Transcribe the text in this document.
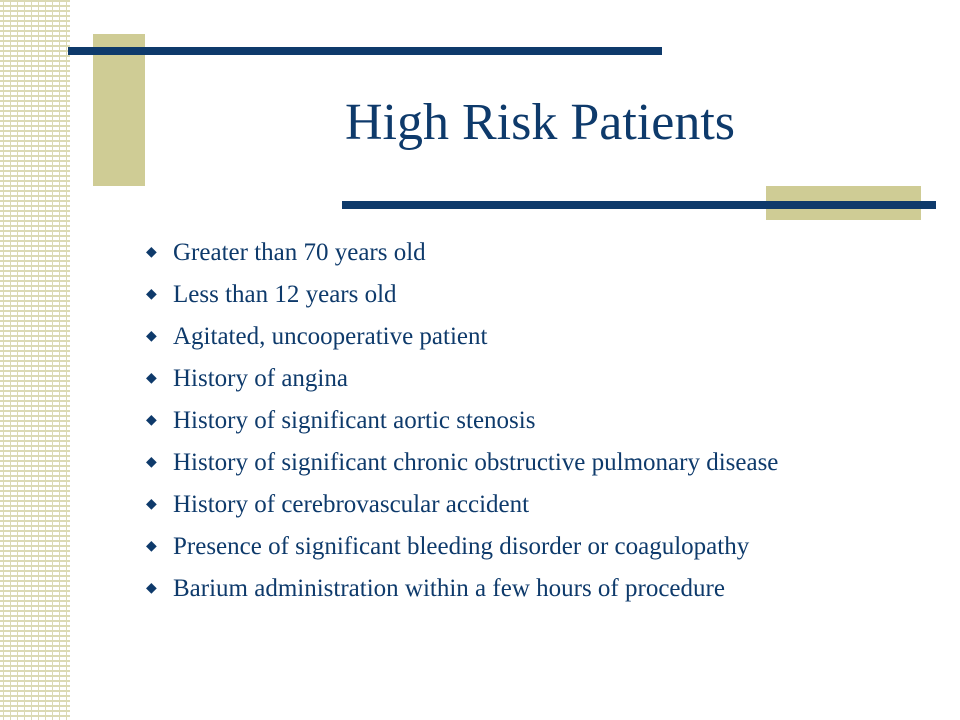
High Risk Patients
◆ Greater than 70 years old
◆ Less than 12 years old
◆ Agitated, uncooperative patient
◆ History of angina
◆ History of significant aortic stenosis
◆ History of significant chronic obstructive pulmonary disease
◆ History of cerebrovascular accident
◆ Presence of significant bleeding disorder or coagulopathy
◆ Barium administration within a few hours of procedure
